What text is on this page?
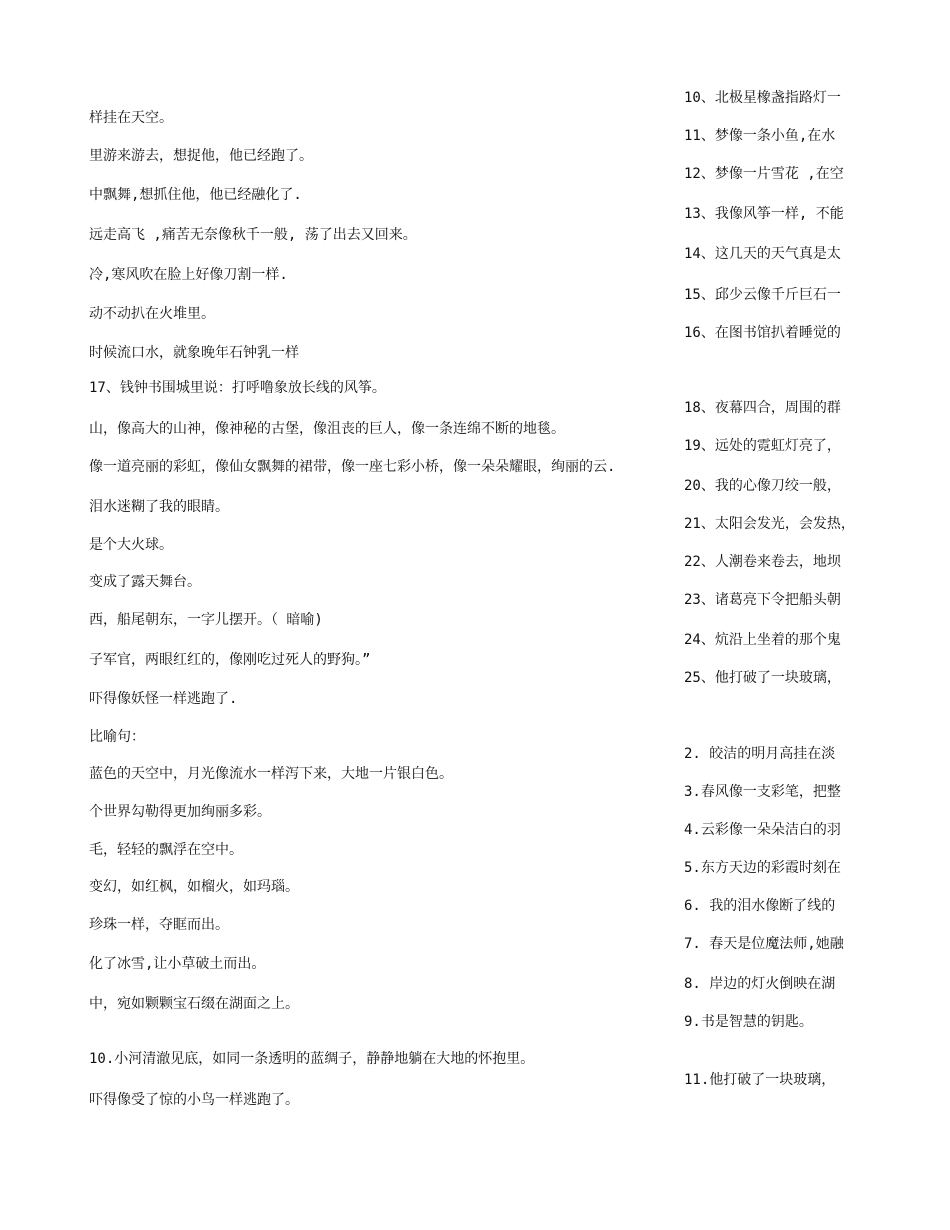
样挂在天空。
里游来游去，想捉他，他已经跑了。
中飘舞,想抓住他，他已经融化了.
远走高飞 ,痛苦无奈像秋千一般, 荡了出去又回来。
冷,寒风吹在脸上好像刀割一样.
动不动扒在火堆里。
时候流口水，就象晚年石钟乳一样
17、钱钟书围城里说：打呼噜象放长线的风筝。
山，像高大的山神，像神秘的古堡，像沮丧的巨人，像一条连绵不断的地毯。
像一道亮丽的彩虹，像仙女飘舞的裙带，像一座七彩小桥，像一朵朵耀眼，绚丽的云.
泪水迷糊了我的眼睛。
是个大火球。
变成了露天舞台。
西，船尾朝东，一字儿摆开。（ 暗喻)
子军官，两眼红红的，像刚吃过死人的野狗。”
吓得像妖怪一样逃跑了.
比喻句：
蓝色的天空中，月光像流水一样泻下来，大地一片银白色。
个世界勾勒得更加绚丽多彩。
毛，轻轻的飘浮在空中。
变幻，如红枫，如榴火，如玛瑙。
珍珠一样，夺眶而出。
化了冰雪,让小草破土而出。
中，宛如颗颗宝石缀在湖面之上。
10.小河清澈见底，如同一条透明的蓝绸子，静静地躺在大地的怀抱里。
吓得像受了惊的小鸟一样逃跑了。
10、北极星橡盏指路灯一
11、梦像一条小鱼,在水
12、梦像一片雪花 ,在空
13、我像风筝一样, 不能
14、这几天的天气真是太
15、邱少云像千斤巨石一
16、在图书馆扒着睡觉的
18、夜幕四合，周围的群
19、远处的霓虹灯亮了，
20、我的心像刀绞一般，
21、太阳会发光，会发热，
22、人潮卷来卷去，地坝
23、诸葛亮下令把船头朝
24、炕沿上坐着的那个鬼
25、他打破了一块玻璃，
2. 皎洁的明月高挂在淡
3.春风像一支彩笔，把整
4.云彩像一朵朵洁白的羽
5.东方天边的彩霞时刻在
6. 我的泪水像断了线的
7. 春天是位魔法师,她融
8. 岸边的灯火倒映在湖
9.书是智慧的钥匙。
11.他打破了一块玻璃，
